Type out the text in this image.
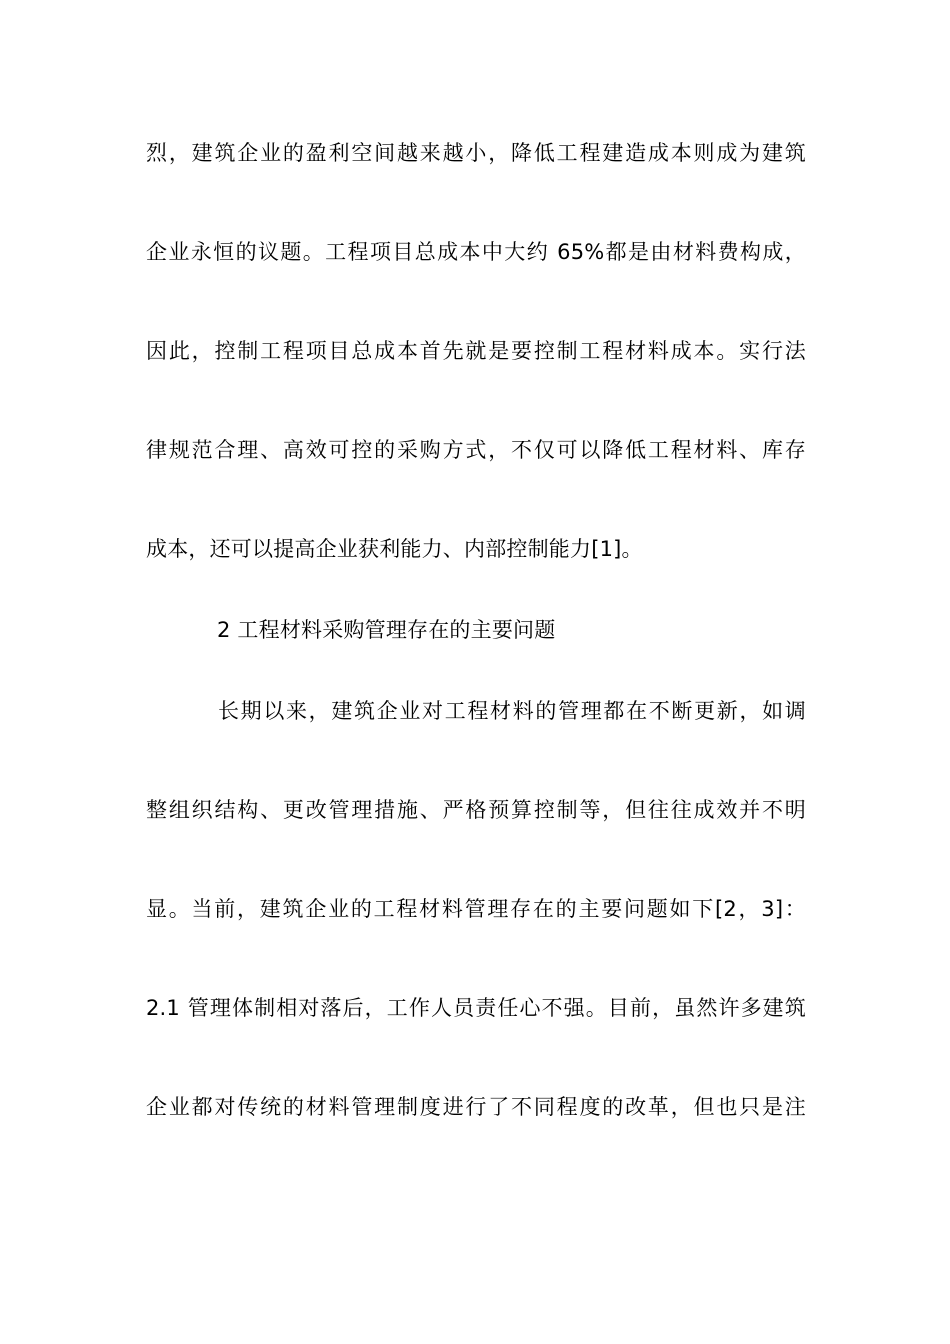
烈，建筑企业的盈利空间越来越小，降低工程建造成本则成为建筑
企业永恒的议题。工程项目总成本中大约 65%都是由材料费构成，
因此，控制工程项目总成本首先就是要控制工程材料成本。实行法
律规范合理、高效可控的采购方式，不仅可以降低工程材料、库存
成本，还可以提高企业获利能力、内部控制能力[1]。
2 工程材料采购管理存在的主要问题
长期以来，建筑企业对工程材料的管理都在不断更新，如调
整组织结构、更改管理措施、严格预算控制等，但往往成效并不明
显。当前，建筑企业的工程材料管理存在的主要问题如下[2，3]：
2.1 管理体制相对落后，工作人员责任心不强。目前，虽然许多建筑
企业都对传统的材料管理制度进行了不同程度的改革，但也只是注
